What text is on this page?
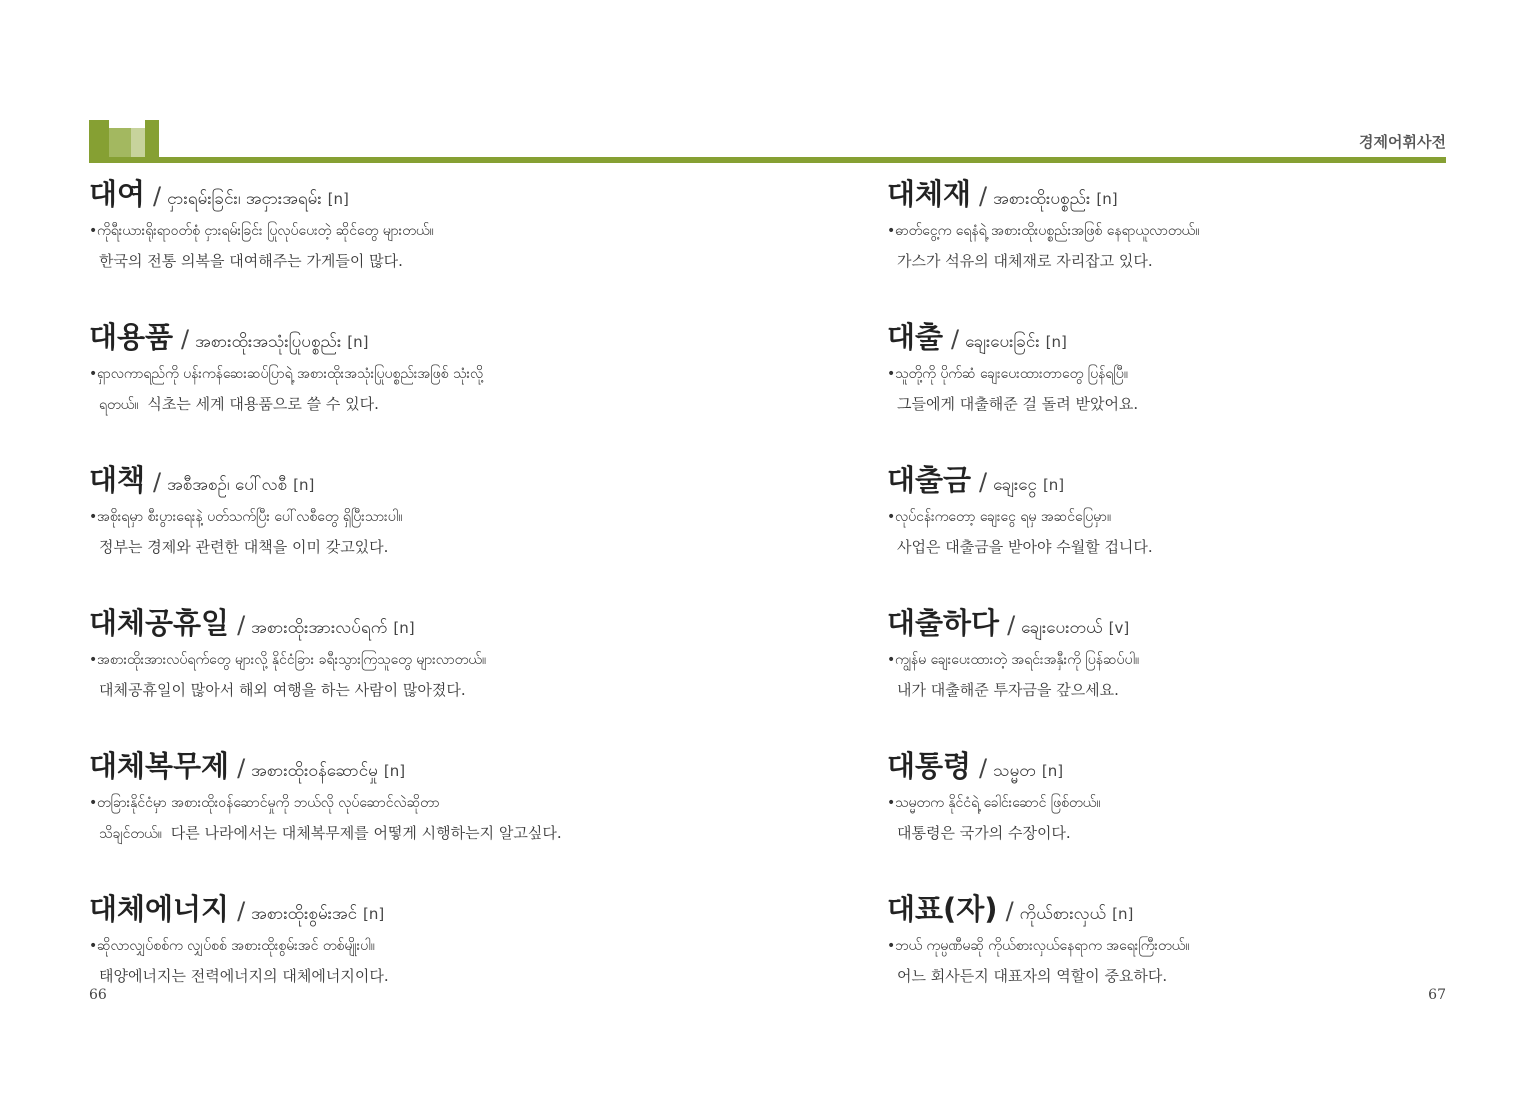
경제어휘사전
대여 / ငှားရမ်းခြင်း၊ အငှားအရမ်း [n]
•ကိုရီးယားရိုးရာဝတ်စုံ ငှားရမ်းခြင်း ပြုလုပ်ပေးတဲ့ ဆိုင်တွေ များတယ်။
한국의 전통 의복을 대여해주는 가게들이 많다.
대용품 / အစားထိုးအသုံးပြုပစ္စည်း [n]
•ရှာလကာရည်ကို ပန်းကန်ဆေးဆပ်ပြာရဲ့ အစားထိုးအသုံးပြုပစ္စည်းအဖြစ် သုံးလို့
ရတယ်။ 식초는 세계 대용품으로 쓸 수 있다.
대책 / အစီအစဉ်၊ ပေါ်လစီ [n]
•အစိုးရမှာ စီးပွားရေးနဲ့ ပတ်သက်ပြီး ပေါ်လစီတွေ ရှိပြီးသားပါ။
정부는 경제와 관련한 대책을 이미 갖고있다.
대체공휴일 / အစားထိုးအားလပ်ရက် [n]
•အစားထိုးအားလပ်ရက်တွေ များလို့ နိုင်ငံခြား ခရီးသွားကြသူတွေ များလာတယ်။
대체공휴일이 많아서 해외 여행을 하는 사람이 많아졌다.
대체복무제 / အစားထိုးဝန်ဆောင်မှု [n]
•တခြားနိုင်ငံမှာ အစားထိုးဝန်ဆောင်မှုကို ဘယ်လို လုပ်ဆောင်လဲဆိုတာ
သိချင်တယ်။ 다른 나라에서는 대체복무제를 어떻게 시행하는지 알고싶다.
대체에너지 / အစားထိုးစွမ်းအင် [n]
•ဆိုလာလျှပ်စစ်က လျှပ်စစ် အစားထိုးစွမ်းအင် တစ်မျိုးပါ။
태양에너지는 전력에너지의 대체에너지이다.
대체재 / အစားထိုးပစ္စည်း [n]
•ဓာတ်ငွေ့က ရေနံရဲ့ အစားထိုးပစ္စည်းအဖြစ် နေရာယူလာတယ်။
가스가 석유의 대체재로 자리잡고 있다.
대출 / ချေးပေးခြင်း [n]
•သူတို့ကို ပိုက်ဆံ ချေးပေးထားတာတွေ ပြန်ရပြီ။
그들에게 대출해준 걸 돌려 받았어요.
대출금 / ချေးငွေ [n]
•လုပ်ငန်းကတော့ ချေးငွေ ရမှ အဆင်ပြေမှာ။
사업은 대출금을 받아야 수월할 겁니다.
대출하다 / ချေးပေးတယ် [v]
•ကျွန်မ ချေးပေးထားတဲ့ အရင်းအနှီးကို ပြန်ဆပ်ပါ။
내가 대출해준 투자금을 갚으세요.
대통령 / သမ္မတ [n]
•သမ္မတက နိုင်ငံရဲ့ ခေါင်းဆောင် ဖြစ်တယ်။
대통령은 국가의 수장이다.
대표(자) / ကိုယ်စားလှယ် [n]
•ဘယ် ကုမ္ပဏီမဆို ကိုယ်စားလှယ်နေရာက အရေးကြီးတယ်။
어느 회사든지 대표자의 역할이 중요하다.
66	67
